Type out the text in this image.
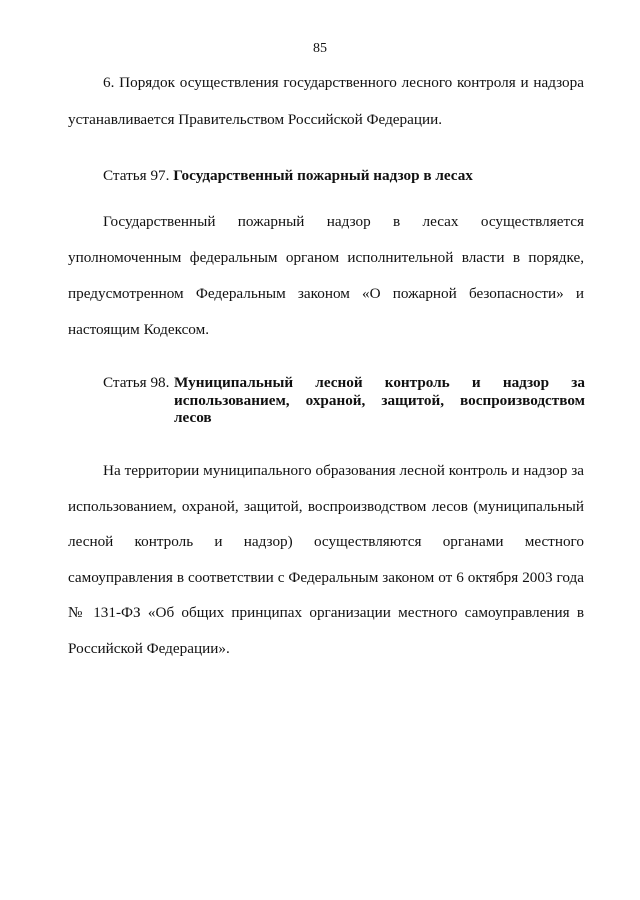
85

6. Порядок осуществления государственного лесного контроля и надзора устанавливается Правительством Российской Федерации.

Статья 97. Государственный пожарный надзор в лесах

Государственный пожарный надзор в лесах осуществляется уполномоченным федеральным органом исполнительной власти в порядке, предусмотренном Федеральным законом «О пожарной безопасности» и настоящим Кодексом.

Статья 98. Муниципальный лесной контроль и надзор за использованием, охраной, защитой, воспроизводством лесов

На территории муниципального образования лесной контроль и надзор за использованием, охраной, защитой, воспроизводством лесов (муниципальный лесной контроль и надзор) осуществляются органами местного самоуправления в соответствии с Федеральным законом от 6 октября 2003 года № 131-ФЗ «Об общих принципах организации местного самоуправления в Российской Федерации».
